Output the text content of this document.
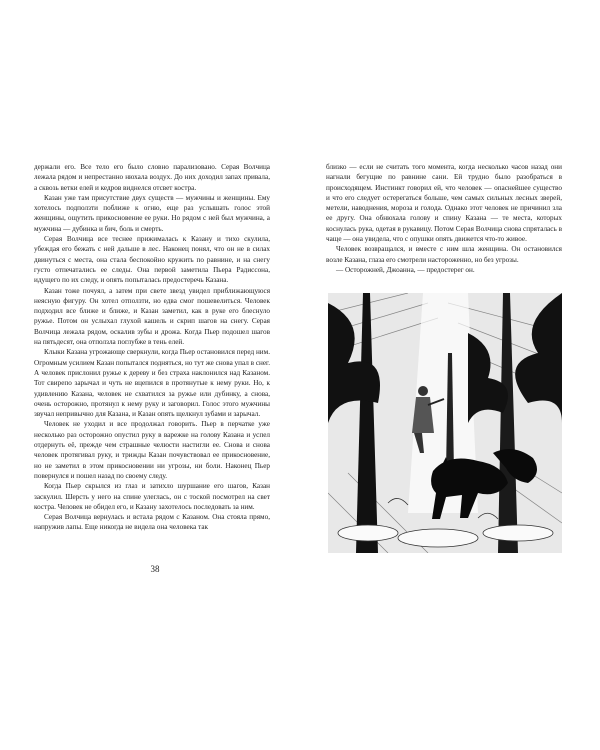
держали его. Все тело его было словно парализовано. Серая Волчица лежала рядом и непрестанно нюхала воздух. До них доходил запах привала, а сквозь ветки елей и кедров виднелся отсвет костра.

Казан уже там присутствие двух существ — мужчины и женщины. Ему хотелось подползти поближе к огню, еще раз услышать голос этой женщины, ощутить прикосновение ее руки. Но рядом с ней был мужчина, а мужчина — дубинка и бич, боль и смерть.

Серая Волчица все теснее прижималась к Казану и тихо скулила, убеждая его бежать с ней дальше в лес. Наконец понял, что он не в силах двинуться с места, она стала беспокойно кружить по равнине, и на снегу густо отпечатались ее следы. Она первой заметила Пьера Радиссона, идущего по их следу, и опять попыталась предостеречь Казана.

Казан тоже почуял, а затем при свете звезд увидел приближающуюся неясную фигуру. Он хотел отползти, но едва смог пошевелиться. Человек подходил все ближе и ближе, и Казан заметил, как в руке его блеснуло ружье. Потом он услыхал глухой кашель и скрип шагов на снегу. Серая Волчица лежала рядом, оскалив зубы и дрожа. Когда Пьер подошел шагов на пятьдесят, она отползла поглубже в тень елей.

Клыки Казана угрожающе сверкнули, когда Пьер остановился перед ним. Огромным усилием Казан попытался подняться, но тут же снова упал в снег. А человек прислонил ружье к дереву и без страха наклонился над Казаном. Тот свирепо зарычал и чуть не вцепился в протянутые к нему руки. Но, к удивлению Казана, человек не схватился за ружье или дубинку, а снова, очень осторожно, протянул к нему руку и заговорил. Голос этого мужчины звучал непривычно для Казана, и Казан опять щелкнул зубами и зарычал.

Человек не уходил и все продолжал говорить. Пьер в перчатке уже несколько раз осторожно опустил руку в варежке на голову Казана и успел отдернуть её, прежде чем страшные челюсти настигли ее. Снова и снова человек протягивал руку, и трижды Казан почувствовал ее прикосновение, но не заметил в этом прикосновении ни угрозы, ни боли. Наконец Пьер повернулся и пошел назад по своему следу.

Когда Пьер скрылся из глаз и затихло шуршание его шагов, Казан заскулил. Шерсть у него на спине улеглась, он с тоской посмотрел на свет костра. Человек не обидел его, и Казану захотелось последовать за ним.

Серая Волчица вернулась и встала рядом с Казаном. Она стояла прямо, напружив лапы. Еще никогда не видела она человека так

38

близко — если не считать того момента, когда несколько часов назад они нагнали бегущие по равнине сани. Ей трудно было разобраться в происходящем. Инстинкт говорил ей, что человек — опаснейшее существо и что его следует остерегаться больше, чем самых сильных лесных зверей, метели, наводнения, мороза и голода. Однако этот человек не причинил зла ее другу. Она обнюхала голову и спину Казана — те места, которых коснулась рука, одетая в рукавицу. Потом Серая Волчица снова спряталась в чаще — она увидела, что с опушки опять движется что-то живое.

Человек возвращался, и вместе с ним шла женщина. Он остановился возле Казана, глаза его смотрели настороженно, но без угрозы.

— Осторожней, Джоанна, — предостерег он.
